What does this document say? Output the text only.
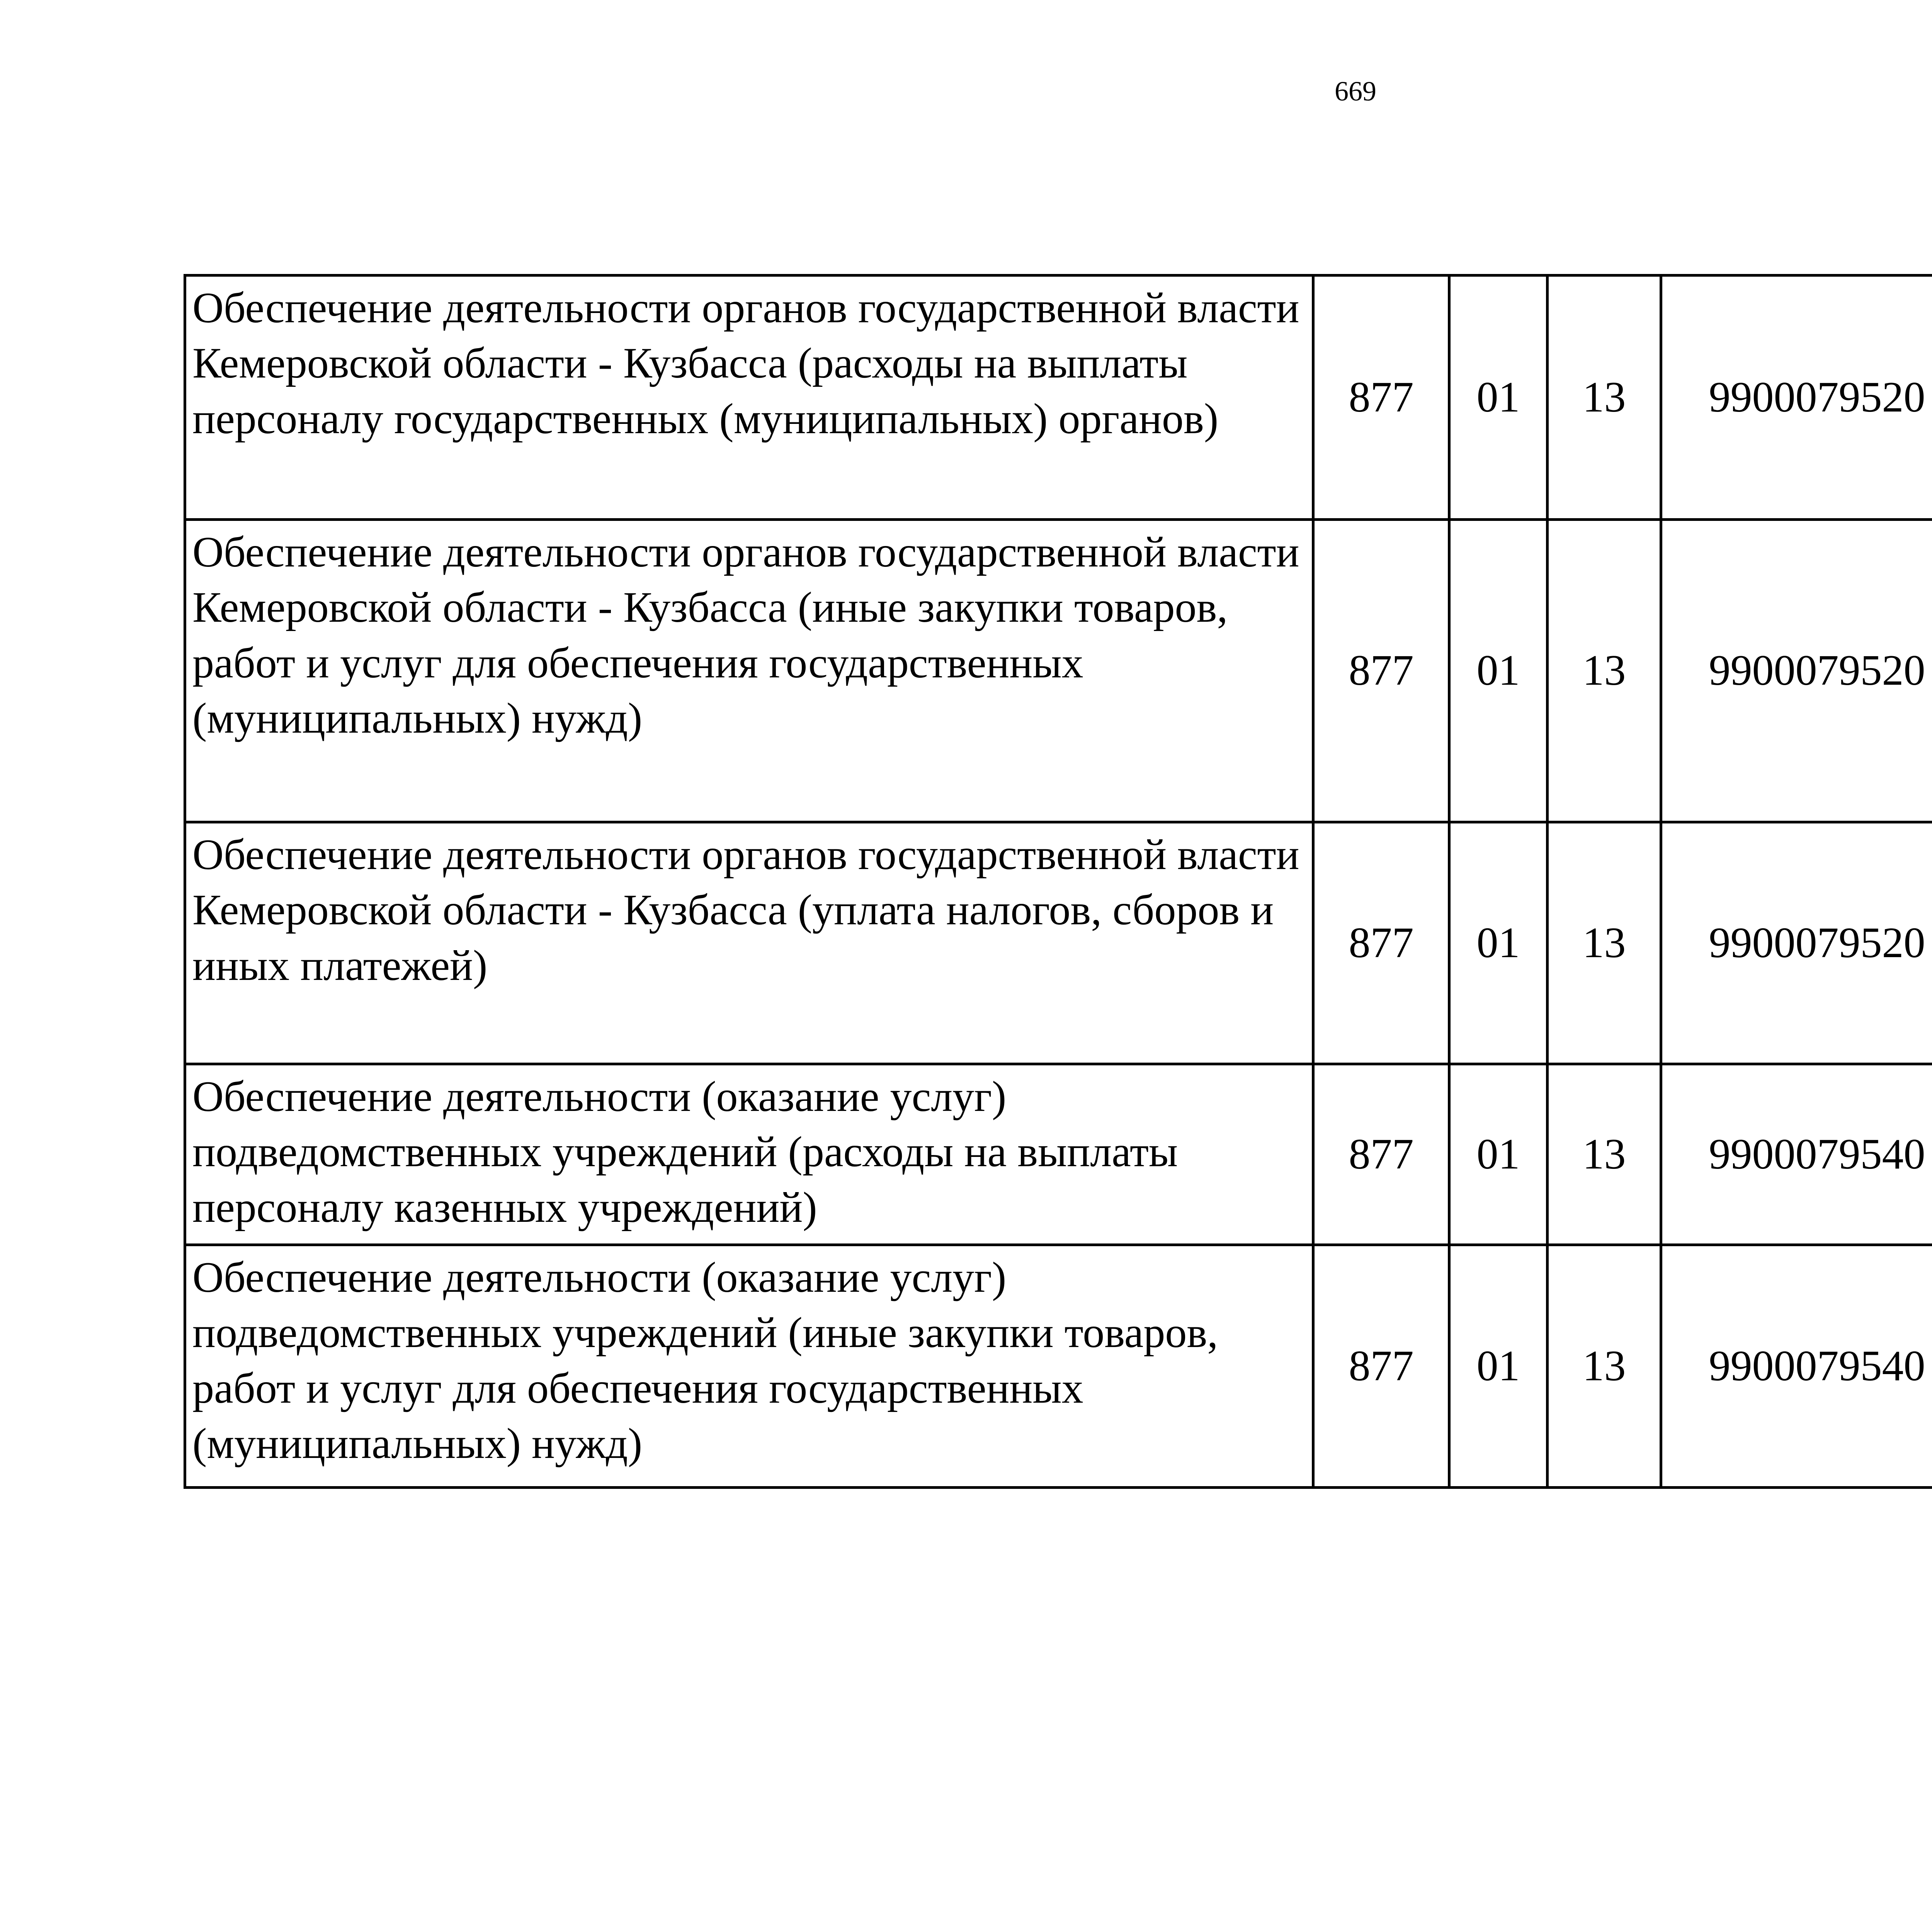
669
Обеспечение деятельности органов государственной власти Кемеровской области - Кузбасса (расходы на выплаты персоналу государственных (муниципальных) органов)	877	01	13	9900079520		
Обеспечение деятельности органов государственной власти Кемеровской области - Кузбасса (иные закупки товаров, работ и услуг для обеспечения государственных (муниципальных) нужд)	877	01	13	9900079520		
Обеспечение деятельности органов государственной власти Кемеровской области - Кузбасса (уплата налогов, сборов и иных платежей)	877	01	13	9900079520		
Обеспечение деятельности (оказание услуг) подведомственных учреждений (расходы на выплаты персоналу казенных учреждений)	877	01	13	9900079540		
Обеспечение деятельности (оказание услуг) подведомственных учреждений (иные закупки товаров, работ и услуг для обеспечения государственных (муниципальных) нужд)	877	01	13	9900079540		
